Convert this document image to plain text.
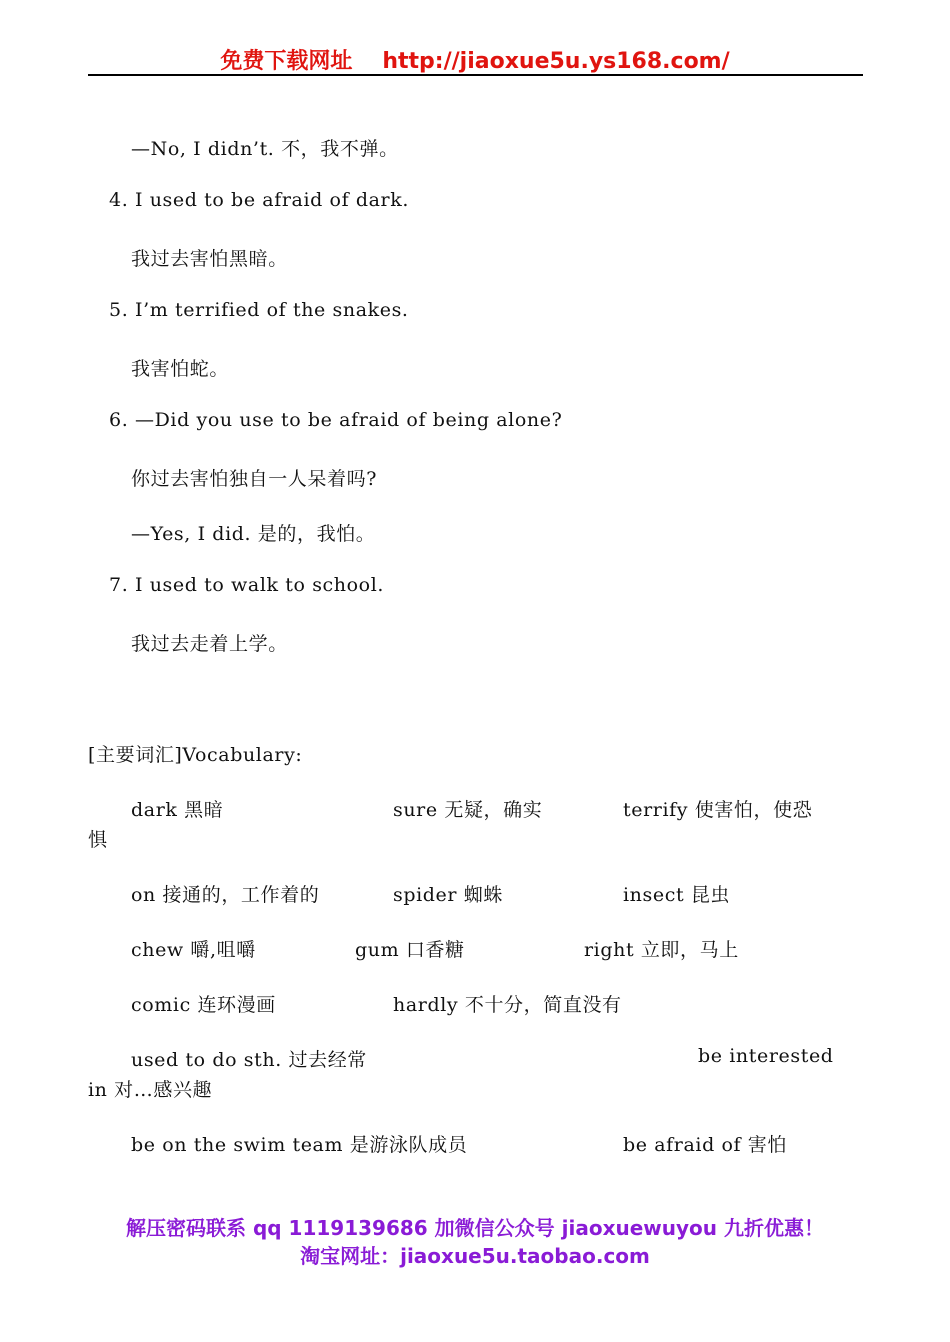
免费下载网址 http://jiaoxue5u.ys168.com/
—No, I didn’t. 不，我不弹。
4. I used to be afraid of dark.
我过去害怕黑暗。
5. I’m terrified of the snakes.
我害怕蛇。
6. —Did you use to be afraid of being alone?
你过去害怕独自一人呆着吗?
—Yes, I did. 是的，我怕。
7. I used to walk to school.
我过去走着上学。
[主要词汇]Vocabulary:
dark 黑暗	sure 无疑，确实	terrify 使害怕，使恐
惧
on 接通的，工作着的	spider 蜘蛛	insect 昆虫
chew 嚼,咀嚼	gum 口香糖	right 立即，马上
comic 连环漫画	hardly 不十分，简直没有
used to do sth. 过去经常	be interested
in 对…感兴趣
be on the swim team 是游泳队成员	be afraid of 害怕
解压密码联系 qq 1119139686 加微信公众号 jiaoxuewuyou 九折优惠！
淘宝网址：jiaoxue5u.taobao.com
